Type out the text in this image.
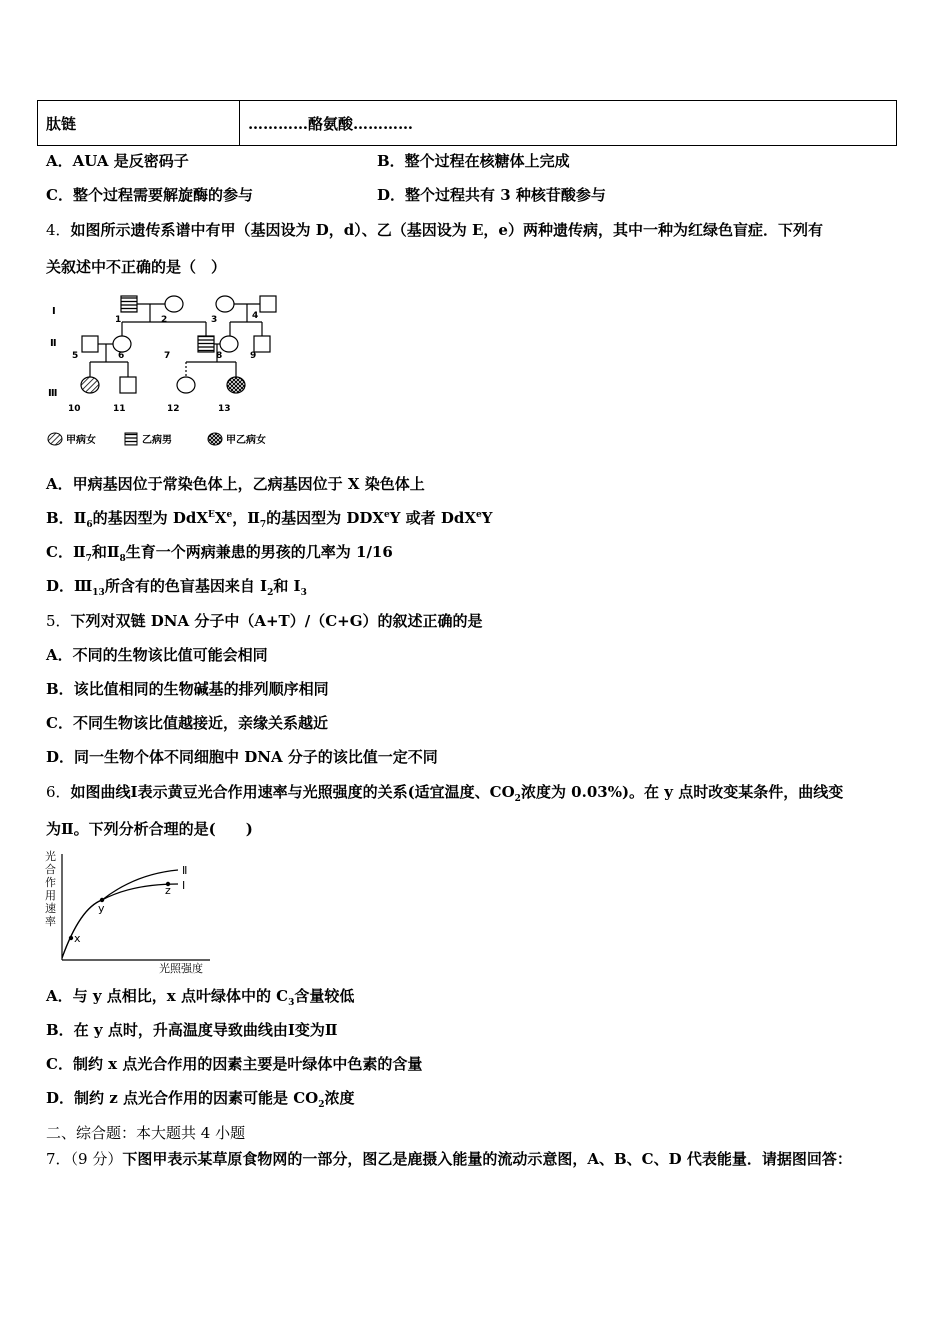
肽链	…………酪氨酸…………
A．AUA 是反密码子	B．整个过程在核糖体上完成
C．整个过程需要解旋酶的参与	D．整个过程共有 3 种核苷酸参与
4．如图所示遗传系谱中有甲（基因设为 D，d）、乙（基因设为 E，e）两种遗传病，其中一种为红绿色盲症．下列有
关叙述中不正确的是（　）
Ⅰ
Ⅱ
Ⅲ
1	2	3	4
5	6	7	8	9
10	11	12	13
甲病女	乙病男	甲乙病女
A．甲病基因位于常染色体上，乙病基因位于 X 染色体上
B．$Ⅱ_6$的基因型为 DdX$^E$Xe，$Ⅱ_7$的基因型为 DDXeY 或者 DdX$^e$Y
C．$Ⅱ_7$和$Ⅱ_8$生育一个两病兼患的男孩的几率为 1/16
D．$Ⅲ_{13}$所含有的色盲基因来自 $I_2$和 $I_3$
5．下列对双链 DNA 分子中（A+T）/（C+G）的叙述正确的是
A．不同的生物该比值可能会相同
B．该比值相同的生物碱基的排列顺序相同
C．不同生物该比值越接近，亲缘关系越近
D．同一生物个体不同细胞中 DNA 分子的该比值一定不同
6．如图曲线Ⅰ表示黄豆光合作用速率与光照强度的关系(适宜温度、$CO_2$浓度为 0.03%)。在 y 点时改变某条件，曲线变
为Ⅱ。下列分析合理的是(　　)
光
合
作
用
速
率
x
y
z
Ⅱ
Ⅰ
光照强度
A．与 y 点相比，x 点叶绿体中的 $C_3$含量较低
B．在 y 点时，升高温度导致曲线由Ⅰ变为Ⅱ
C．制约 x 点光合作用的因素主要是叶绿体中色素的含量
D．制约 z 点光合作用的因素可能是 $CO_2$浓度
二、综合题：本大题共 4 小题
7．（9 分）下图甲表示某草原食物网的一部分，图乙是鹿摄入能量的流动示意图，A、B、C、D 代表能量．请据图回答：
